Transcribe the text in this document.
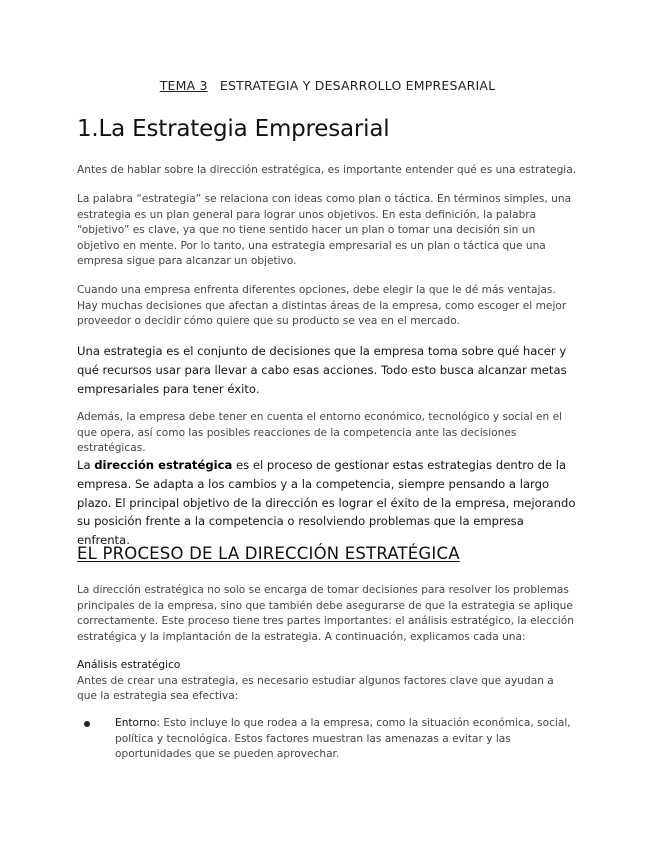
TEMA 3 ESTRATEGIA Y DESARROLLO EMPRESARIAL
1.La Estrategia Empresarial

Antes de hablar sobre la dirección estratégica, es importante entender qué es una estrategia.

La palabra “estrategia” se relaciona con ideas como plan o táctica. En términos simples, una estrategia es un plan general para lograr unos objetivos. En esta definición, la palabra “objetivo” es clave, ya que no tiene sentido hacer un plan o tomar una decisión sin un objetivo en mente. Por lo tanto, una estrategia empresarial es un plan o táctica que una empresa sigue para alcanzar un objetivo.

Cuando una empresa enfrenta diferentes opciones, debe elegir la que le dé más ventajas. Hay muchas decisiones que afectan a distintas áreas de la empresa, como escoger el mejor proveedor o decidir cómo quiere que su producto se vea en el mercado.

Una estrategia es el conjunto de decisiones que la empresa toma sobre qué hacer y qué recursos usar para llevar a cabo esas acciones. Todo esto busca alcanzar metas empresariales para tener éxito.

Además, la empresa debe tener en cuenta el entorno económico, tecnológico y social en el que opera, así como las posibles reacciones de la competencia ante las decisiones estratégicas.

La dirección estratégica es el proceso de gestionar estas estrategias dentro de la empresa. Se adapta a los cambios y a la competencia, siempre pensando a largo plazo. El principal objetivo de la dirección es lograr el éxito de la empresa, mejorando su posición frente a la competencia o resolviendo problemas que la empresa enfrenta.

EL PROCESO DE LA DIRECCIÓN ESTRATÉGICA

La dirección estratégica no solo se encarga de tomar decisiones para resolver los problemas principales de la empresa, sino que también debe asegurarse de que la estrategia se aplique correctamente. Este proceso tiene tres partes importantes: el análisis estratégico, la elección estratégica y la implantación de la estrategia. A continuación, explicamos cada una:

Análisis estratégico
Antes de crear una estrategia, es necesario estudiar algunos factores clave que ayudan a que la estrategia sea efectiva:

Entorno: Esto incluye lo que rodea a la empresa, como la situación económica, social, política y tecnológica. Estos factores muestran las amenazas a evitar y las oportunidades que se pueden aprovechar.
